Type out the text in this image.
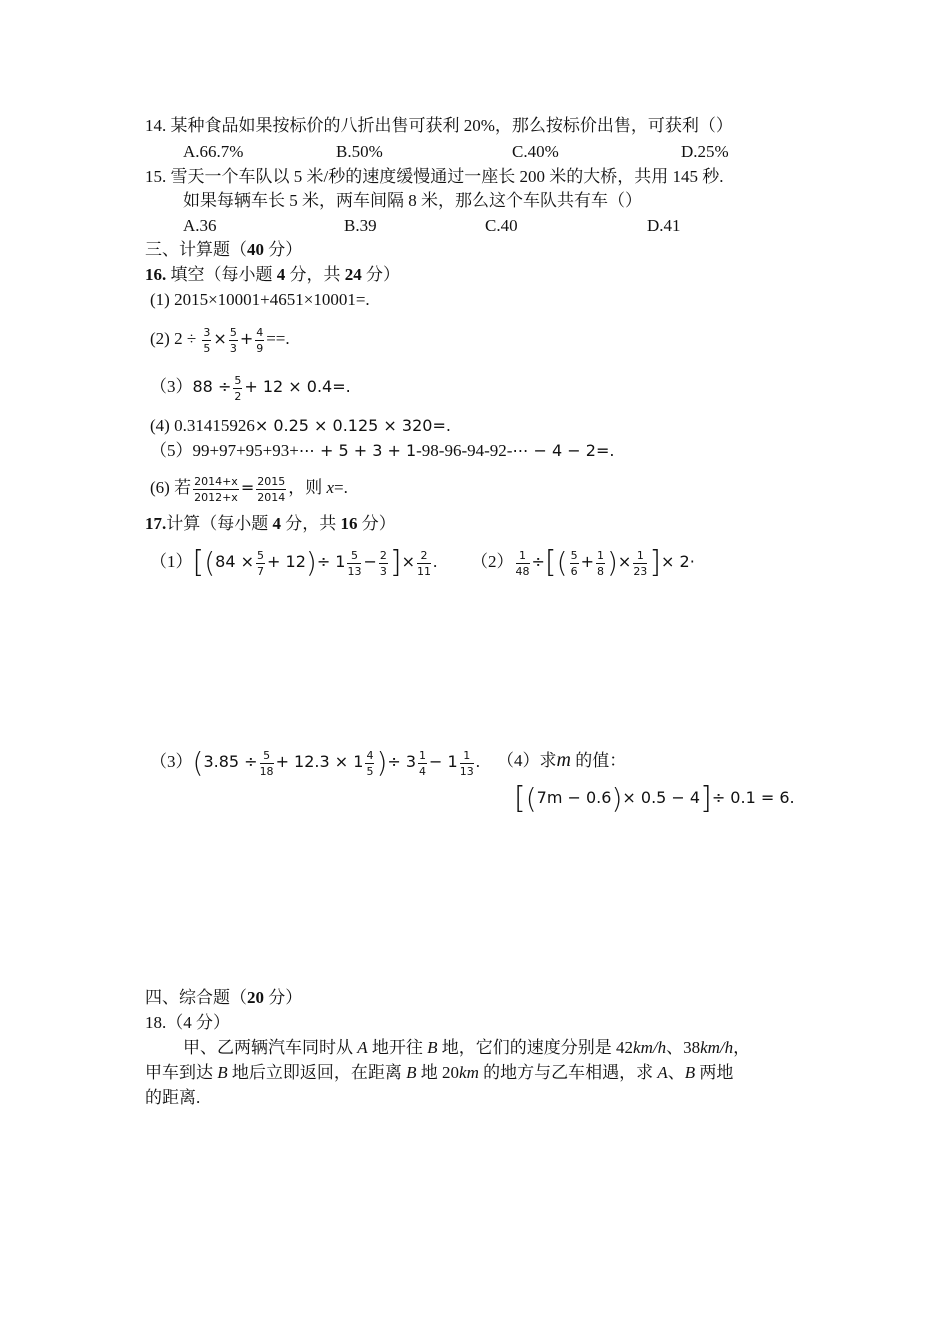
14. 某种食品如果按标价的八折出售可获利 20%，那么按标价出售，可获利（）
A.66.7%	B.50%	C.40%	D.25%
15. 雪天一个车队以 5 米/秒的速度缓慢通过一座长 200 米的大桥，共用 145 秒.
如果每辆车长 5 米，两车间隔 8 米，那么这个车队共有车（）
A.36	B.39	C.40	D.41
三、计算题（40 分）
16. 填空（每小题 4 分，共 24 分）
(1) 2015×10001+4651×10001=.
(2) $2 \div \frac{3}{5} \times \frac{5}{3} + \frac{4}{9}$ ==.
$(3)88 \div \frac{5}{2} + 12 \times 0.4=$.
(4) 0.31415926× 0.25 × 0.125 × 320=.
（5）99+97+95+93+⋯ + 5 + 3 + 1-98-96-94-92-⋯ − 4 − 2=.
(6) 若 $\frac{2014+x}{2012+x} = \frac{2015}{2014}$ ，则 x=.
17.计算（每小题 4 分，共 16 分）
$(1)[(84 \times \frac{5}{7} + 12)\div 1 \frac{5}{13} - \frac{2}{3}$ ]× $\frac{2}{11}$ . $(2) \frac{1}{48}$ ÷[( $\frac{5}{6} + \frac{1}{8}$ )× $\frac{1}{23}$ ]× 2·
$(3)(3.85 \div \frac{5}{18} + 12.3 \times 1 \frac{4}{5}$ )÷ $3 \frac{1}{4} - 1 \frac{1}{13}$ . （4）求m 的值：
[(7m − 0.6)× 0.5 − 4]÷ 0.1 = 6.
四、综合题（20 分）
18.（4 分）
甲、乙两辆汽车同时从 A 地开往 B 地，它们的速度分别是 42km/h、38km/h，
甲车到达 B 地后立即返回，在距离 B 地 20km 的地方与乙车相遇，求 A、B 两地
的距离.
